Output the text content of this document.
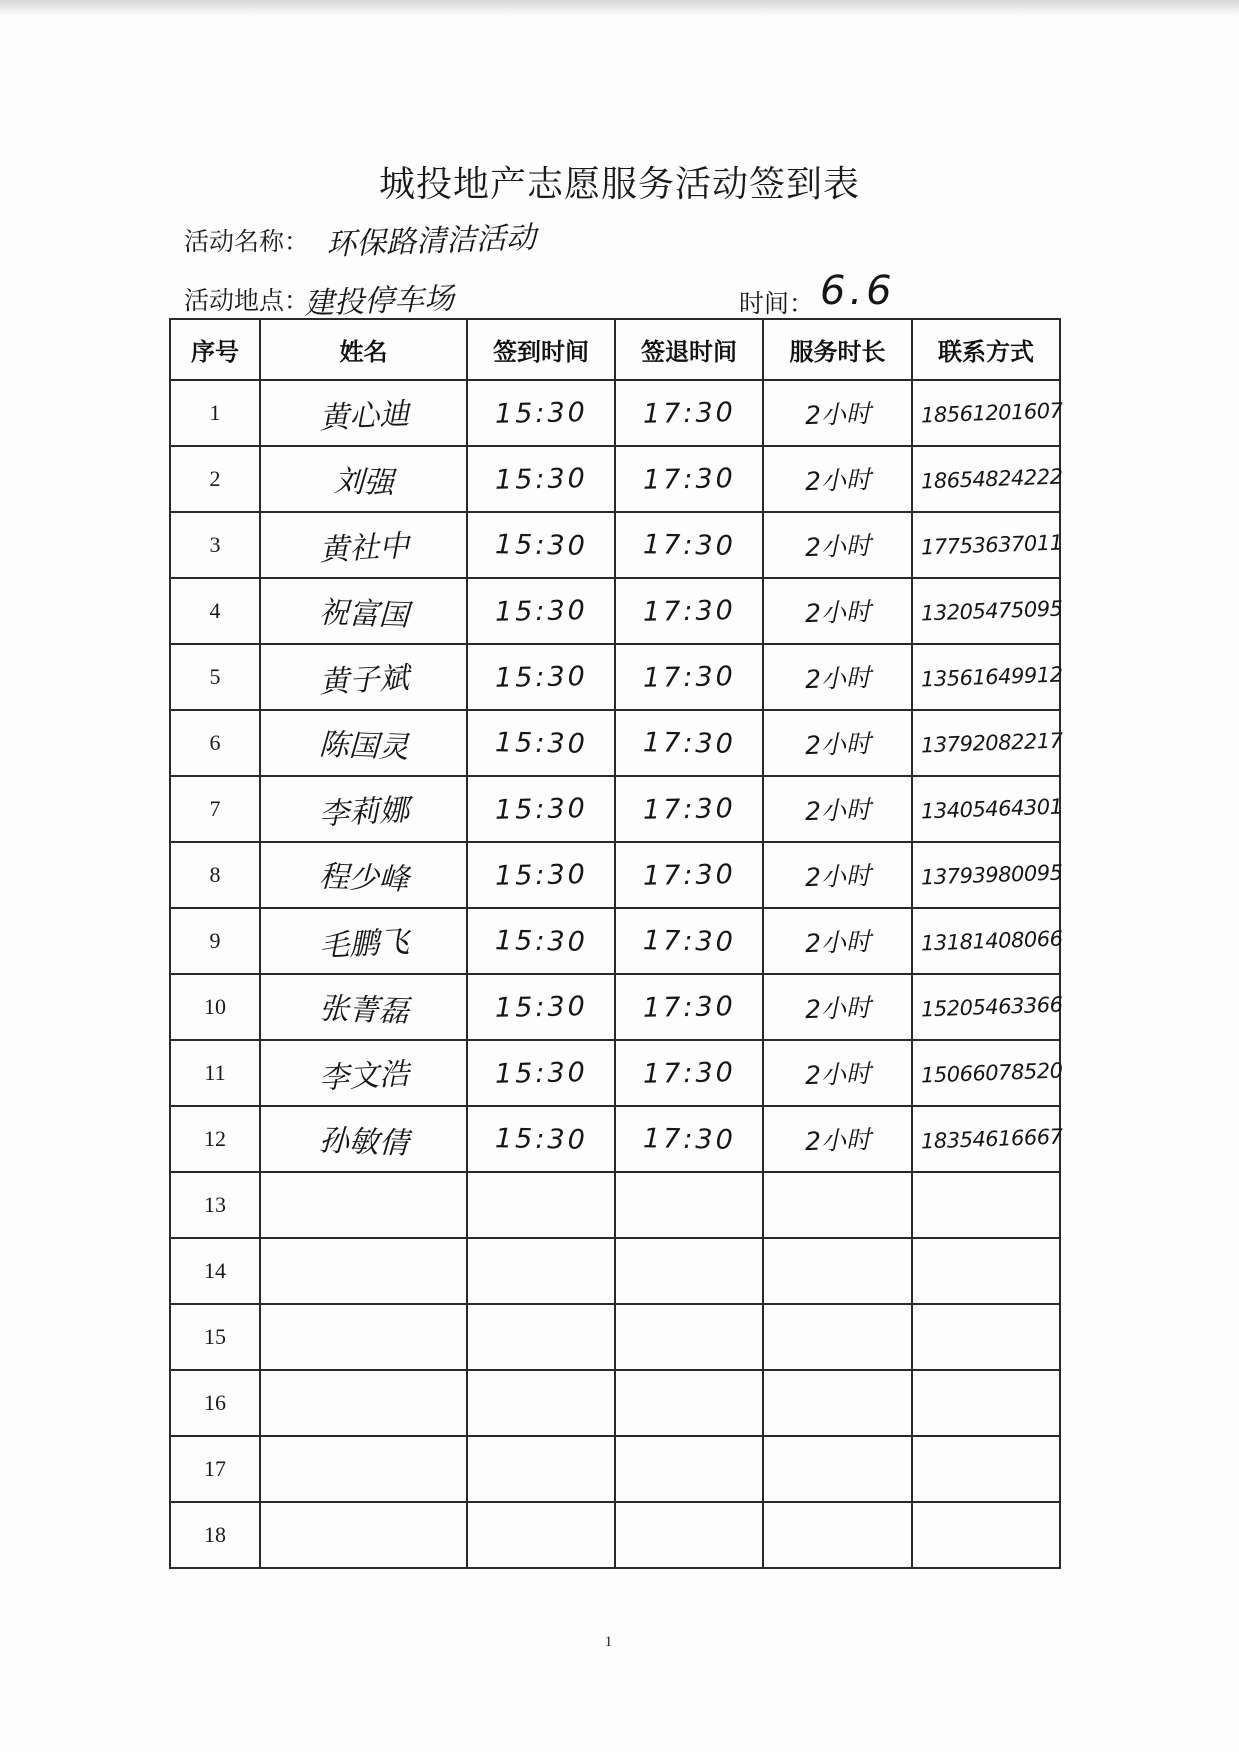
城投地产志愿服务活动签到表
活动名称： 环保路清洁活动
活动地点：
建投停车场	时间： 6.6
序号	姓名	签到时间	签退时间	服务时长	联系方式
1	黄心迪	15:30	17:30	2小时	18561201607
2	刘强	15:30	17:30	2小时	18654824222
3	黄社中	15:30	17:30	2小时	17753637011
4	祝富国	15:30	17:30	2小时	13205475095
5	黄子斌	15:30	17:30	2小时	13561649912
6	陈国灵	15:30	17:30	2小时	13792082217
7	李莉娜	15:30	17:30	2小时	13405464301
8	程少峰	15:30	17:30	2小时	13793980095
9	毛鹏飞	15:30	17:30	2小时	13181408066
10	张菁磊	15:30	17:30	2小时	15205463366
11	李文浩	15:30	17:30	2小时	15066078520
12	孙敏倩	15:30	17:30	2小时	18354616667
13					
14					
15					
16					
17					
18					
1
